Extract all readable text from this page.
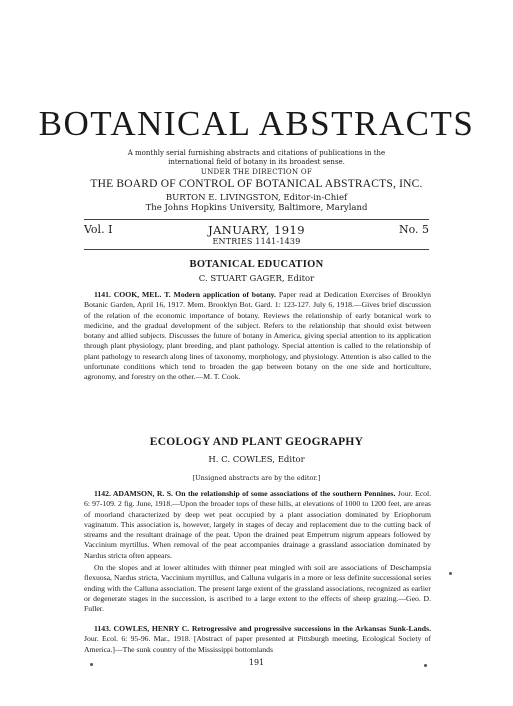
BOTANICAL ABSTRACTS

A monthly serial furnishing abstracts and citations of publications in the international field of botany in its broadest sense.

UNDER THE DIRECTION OF

THE BOARD OF CONTROL OF BOTANICAL ABSTRACTS, INC.

BURTON E. LIVINGSTON, Editor-in-Chief

The Johns Hopkins University, Baltimore, Maryland

Vol. I	JANUARY, 1919	No. 5

ENTRIES 1141-1439

BOTANICAL EDUCATION

C. STUART GAGER, Editor

1141. COOK, MEL. T. Modern application of botany. Paper read at Dedication Exercises of Brooklyn Botanic Garden, April 16, 1917. Mem. Brooklyn Bot. Gard. 1: 123-127. July 6, 1918.—Gives brief discussion of the relation of the economic importance of botany. Reviews the relationship of early botanical work to medicine, and the gradual development of the subject. Refers to the relationship that should exist between botany and allied subjects. Discusses the future of botany in America, giving special attention to its application through plant physiology, plant breeding, and plant pathology. Special attention is called to the relationship of plant pathology to research along lines of taxonomy, morphology, and physiology. Attention is also called to the unfortunate conditions which tend to broaden the gap between botany on the one side and horticulture, agronomy, and forestry on the other.—M. T. Cook.

ECOLOGY AND PLANT GEOGRAPHY

H. C. COWLES, Editor

[Unsigned abstracts are by the editor.]

1142. ADAMSON, R. S. On the relationship of some associations of the southern Pennines. Jour. Ecol. 6: 97-109. 2 fig. June, 1918.—Upon the broader tops of these hills, at elevations of 1000 to 1200 feet, are areas of moorland characterized by deep wet peat occupied by a plant association dominated by Eriophorum vaginatum. This association is, however, largely in stages of decay and replacement due to the cutting back of streams and the resultant drainage of the peat. Upon the drained peat Empetrum nigrum appears followed by Vaccinium myrtillus. When removal of the peat accompanies drainage a grassland association dominated by Nardus stricta often appears.

On the slopes and at lower altitudes with thinner peat mingled with soil are associations of Deschampsia flexuosa, Nardus stricta, Vaccinium myrtillus, and Calluna vulgaris in a more or less definite successional series ending with the Calluna association. The present large extent of the grassland associations, recognized as earlier or degenerate stages in the succession, is ascribed to a large extent to the effects of sheep grazing.—Geo. D. Fuller.

1143. COWLES, HENRY C. Retrogressive and progressive successions in the Arkansas Sunk-Lands. Jour. Ecol. 6: 95-96. Mar., 1918. [Abstract of paper presented at Pittsburgh meeting, Ecological Society of America.]—The sunk country of the Mississippi bottomlands

191
